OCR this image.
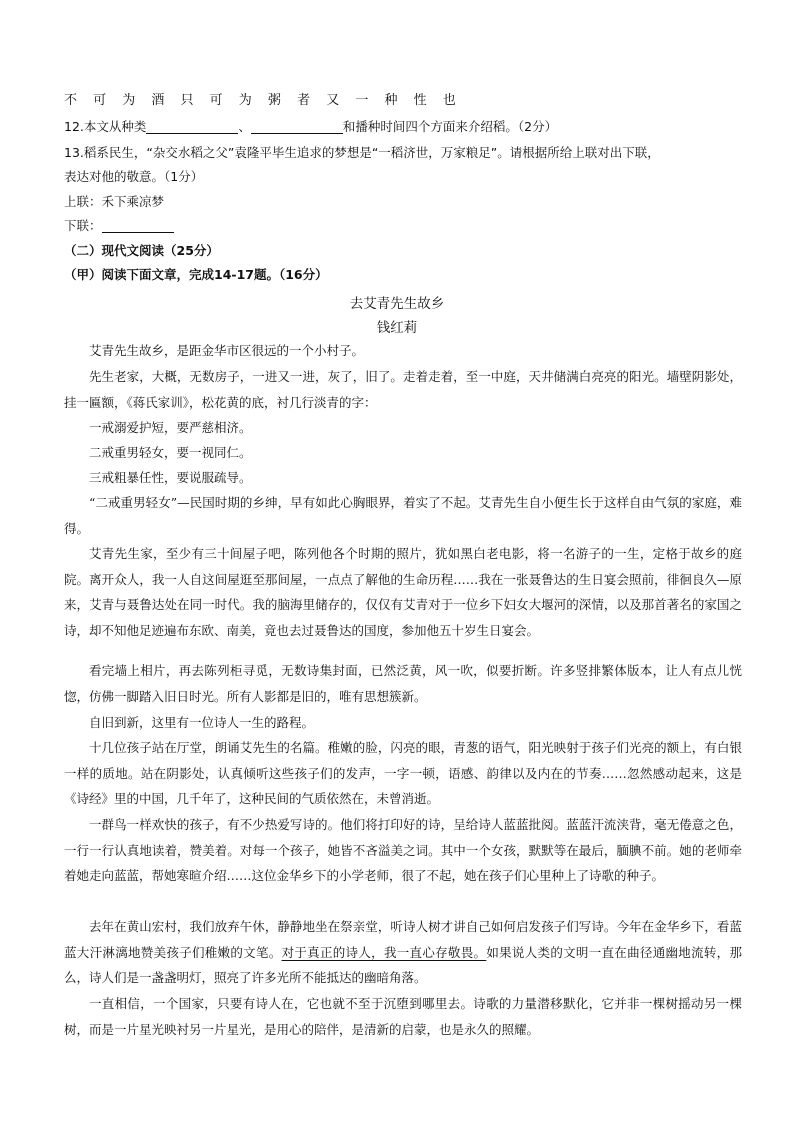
不 可 为 酒 只 可 为 粥 者 又 一 种 性 也
12.本文从种类	、	和播种时间四个方面来介绍稻。（2分）
13.稻系民生，“杂交水稻之父”袁隆平毕生追求的梦想是“一稻济世，万家粮足”。请根据所给上联对出下联，
表达对他的敬意。（1分）
上联：禾下乘凉梦
下联：
（二）现代文阅读（25分）
（甲）阅读下面文章，完成14-17题。（16分）
去艾青先生故乡
钱红莉
艾青先生故乡，是距金华市区很远的一个小村子。
先生老家，大概，无数房子，一进又一进，灰了，旧了。走着走着，至一中庭，天井储满白亮亮的阳光。墙壁阴影处，挂一匾额，《蒋氏家训》，松花黄的底，衬几行淡青的字：
一戒溺爱护短，要严慈相济。
二戒重男轻女，要一视同仁。
三戒粗暴任性，要说服疏导。
“二戒重男轻女”—民国时期的乡绅，早有如此心胸眼界，着实了不起。艾青先生自小便生长于这样自由气氛的家庭，难得。
艾青先生家，至少有三十间屋子吧，陈列他各个时期的照片，犹如黑白老电影，将一名游子的一生，定格于故乡的庭院。离开众人，我一人自这间屋逛至那间屋，一点点了解他的生命历程……我在一张聂鲁达的生日宴会照前，徘徊良久—原来，艾青与聂鲁达处在同一时代。我的脑海里储存的，仅仅有艾青对于一位乡下妇女大堰河的深情，以及那首著名的家国之诗，却不知他足迹遍布东欧、南美，竟也去过聂鲁达的国度，参加他五十岁生日宴会。
看完墙上相片，再去陈列柜寻觅，无数诗集封面，已然泛黄，风一吹，似要折断。许多竖排繁体版本，让人有点儿恍惚，仿佛一脚踏入旧日时光。所有人影都是旧的，唯有思想簇新。
自旧到新，这里有一位诗人一生的路程。
十几位孩子站在厅堂，朗诵艾先生的名篇。稚嫩的脸，闪亮的眼，青葱的语气，阳光映射于孩子们光亮的额上，有白银一样的质地。站在阴影处，认真倾听这些孩子们的发声，一字一顿，语感、韵律以及内在的节奏……忽然感动起来，这是《诗经》里的中国，几千年了，这种民间的气质依然在，未曾消逝。
一群鸟一样欢快的孩子，有不少热爱写诗的。他们将打印好的诗，呈给诗人蓝蓝批阅。蓝蓝汗流浃背，毫无倦意之色，一行一行认真地读着，赞美着。对每一个孩子，她皆不吝溢美之词。其中一个女孩，默默等在最后，腼腆不前。她的老师牵着她走向蓝蓝，帮她寒暄介绍……这位金华乡下的小学老师，很了不起，她在孩子们心里种上了诗歌的种子。
去年在黄山宏村，我们放弃午休，静静地坐在祭亲堂，听诗人树才讲自己如何启发孩子们写诗。今年在金华乡下，看蓝蓝大汗淋漓地赞美孩子们稚嫩的文笔。对于真正的诗人，我一直心存敬畏。如果说人类的文明一直在曲径通幽地流转，那么，诗人们是一盏盏明灯，照亮了许多光所不能抵达的幽暗角落。
一直相信，一个国家，只要有诗人在，它也就不至于沉堕到哪里去。诗歌的力量潜移默化，它并非一棵树摇动另一棵树，而是一片星光映衬另一片星光，是用心的陪伴，是清新的启蒙，也是永久的照耀。
